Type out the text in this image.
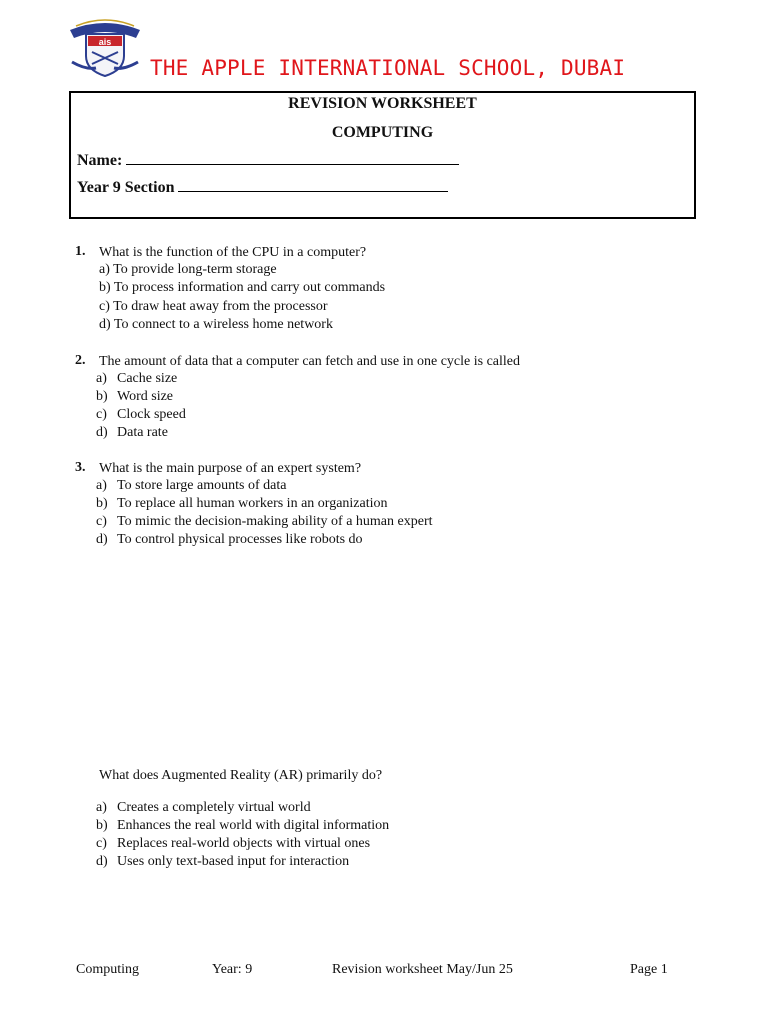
ais
THE APPLE INTERNATIONAL SCHOOL, DUBAI
REVISION WORKSHEET
COMPUTING
Name:
Year 9 Section
1. What is the function of the CPU in a computer?
a) To provide long-term storage
b) To process information and carry out commands
c) To draw heat away from the processor
d) To connect to a wireless home network
2. The amount of data that a computer can fetch and use in one cycle is called
a) Cache size
b) Word size
c) Clock speed
d) Data rate
3. What is the main purpose of an expert system?
a) To store large amounts of data
b) To replace all human workers in an organization
c) To mimic the decision-making ability of a human expert
d) To control physical processes like robots do
What does Augmented Reality (AR) primarily do?
a) Creates a completely virtual world
b) Enhances the real world with digital information
c) Replaces real-world objects with virtual ones
d) Uses only text-based input for interaction
Computing	Year: 9	Revision worksheet May/Jun 25	Page 1
